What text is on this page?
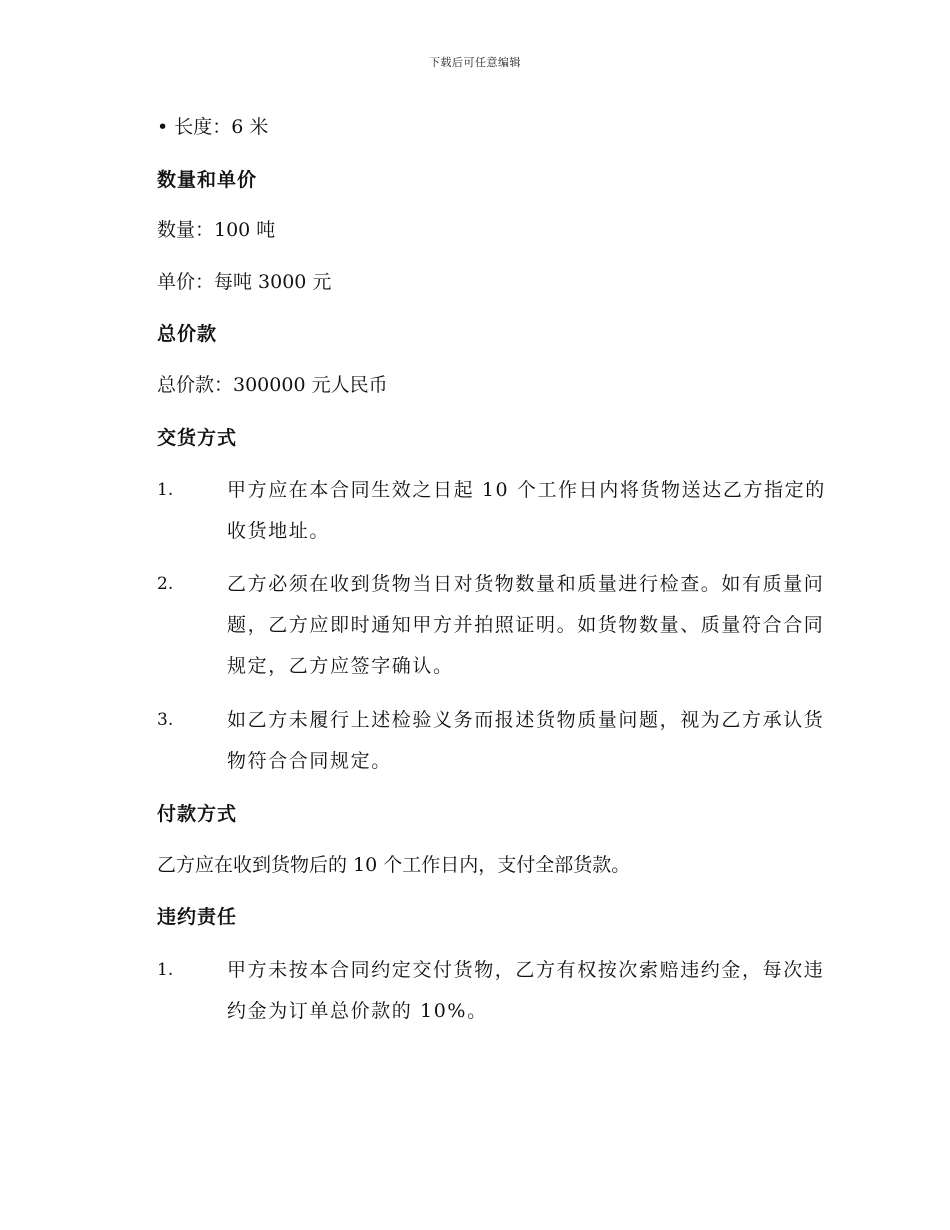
下载后可任意编辑
• 长度：6 米
数量和单价
数量：100 吨
单价：每吨 3000 元
总价款
总价款：300000 元人民币
交货方式
1.	甲方应在本合同生效之日起 10 个工作日内将货物送达乙方指定的收货地址。
2.	乙方必须在收到货物当日对货物数量和质量进行检查。如有质量问题，乙方应即时通知甲方并拍照证明。如货物数量、质量符合合同规定，乙方应签字确认。
3.	如乙方未履行上述检验义务而报述货物质量问题，视为乙方承认货物符合合同规定。
付款方式
乙方应在收到货物后的 10 个工作日内，支付全部货款。
违约责任
1.	甲方未按本合同约定交付货物，乙方有权按次索赔违约金，每次违约金为订单总价款的 10%。
